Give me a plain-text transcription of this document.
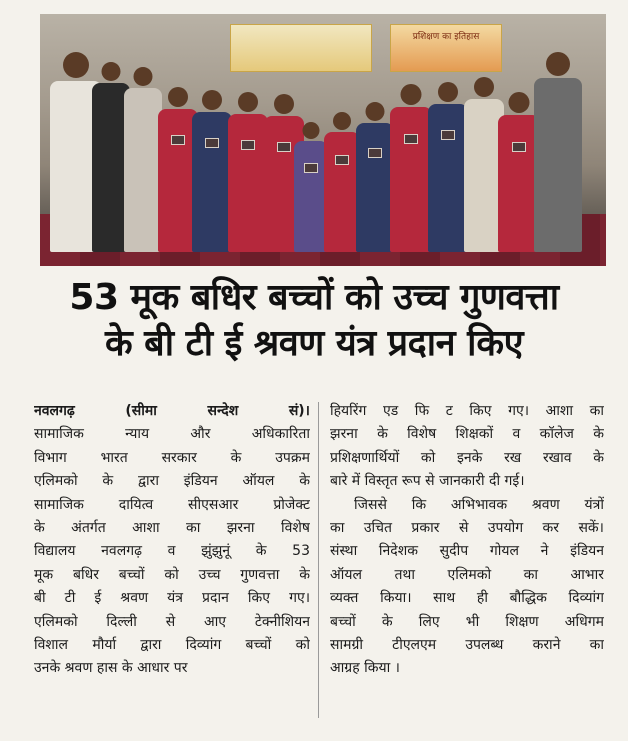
प्रशिक्षण का इतिहास
53 मूक बधिर बच्चों को उच्च गुणवत्ता
के बी टी ई श्रवण यंत्र प्रदान किए
नवलगढ़ (सीमा सन्देश सं)।
सामाजिक न्याय और अधिकारिता
विभाग भारत सरकार के उपक्रम
एलिमको के द्वारा इंडियन ऑयल के
सामाजिक दायित्व सीएसआर प्रोजेक्ट
के अंतर्गत आशा का झरना विशेष
विद्यालय नवलगढ़ व झुंझुनूं के 53
मूक बधिर बच्चों को उच्च गुणवत्ता के
बी टी ई श्रवण यंत्र प्रदान किए गए।
एलिमको दिल्ली से आए टेक्नीशियन
विशाल मौर्या द्वारा दिव्यांग बच्चों को
उनके श्रवण हास के आधार पर
हियरिंग एड फि ट किए गए। आशा का
झरना के विशेष शिक्षकों व कॉलेज के
प्रशिक्षणार्थियों को इनके रख रखाव के
बारे में विस्तृत रूप से जानकारी दी गई।
जिससे कि अभिभावक श्रवण यंत्रों
का उचित प्रकार से उपयोग कर सकें।
संस्था निदेशक सुदीप गोयल ने इंडियन
ऑयल तथा एलिमको का आभार
व्यक्त किया। साथ ही बौद्धिक दिव्यांग
बच्चों के लिए भी शिक्षण अधिगम
सामग्री टीएलएम उपलब्ध कराने का
आग्रह किया ।
